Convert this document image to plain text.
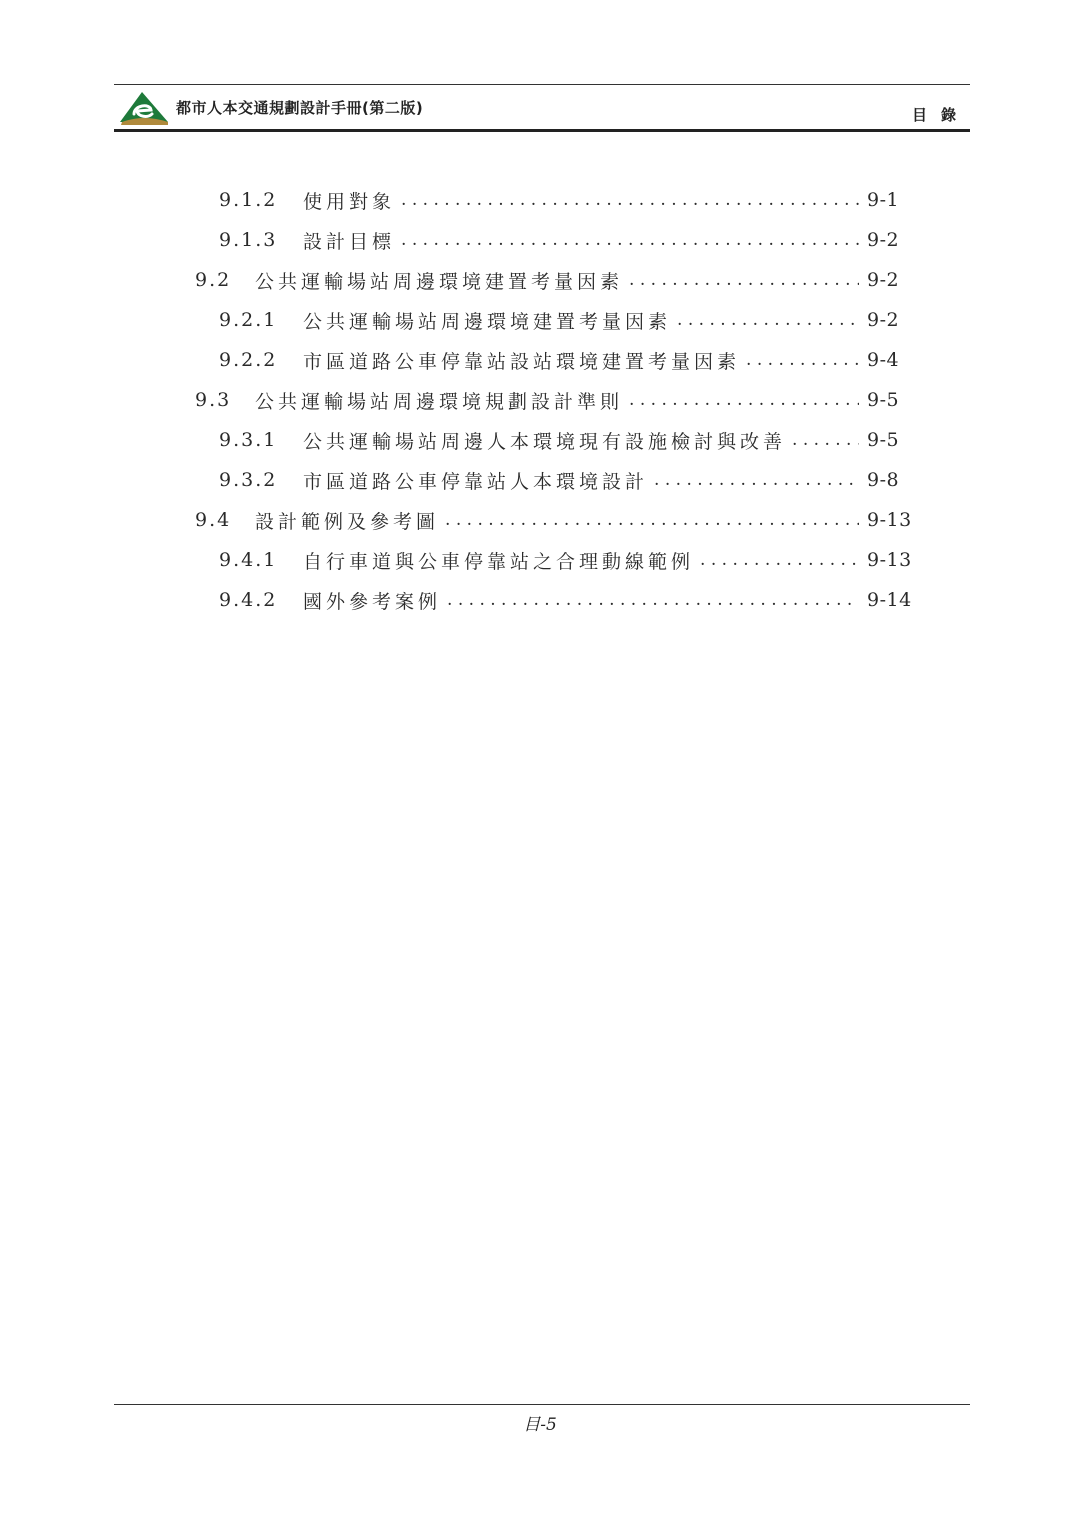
都市人本交通規劃設計手冊(第二版)	目錄
9.1.2	使用對象 . . .	9-1
9.1.3	設計目標 . . .	9-2
9.2	公共運輸場站周邊環境建置考量因素 . . .	9-2
9.2.1	公共運輸場站周邊環境建置考量因素 . . .	9-2
9.2.2	市區道路公車停靠站設站環境建置考量因素 . . .	9-4
9.3	公共運輸場站周邊環境規劃設計準則 . . .	9-5
9.3.1	公共運輸場站周邊人本環境現有設施檢討與改善 . . .	9-5
9.3.2	市區道路公車停靠站人本環境設計 . . .	9-8
9.4	設計範例及參考圖 . . .	9-13
9.4.1	自行車道與公車停靠站之合理動線範例 . . .	9-13
9.4.2	國外參考案例 . . .	9-14
目-5
